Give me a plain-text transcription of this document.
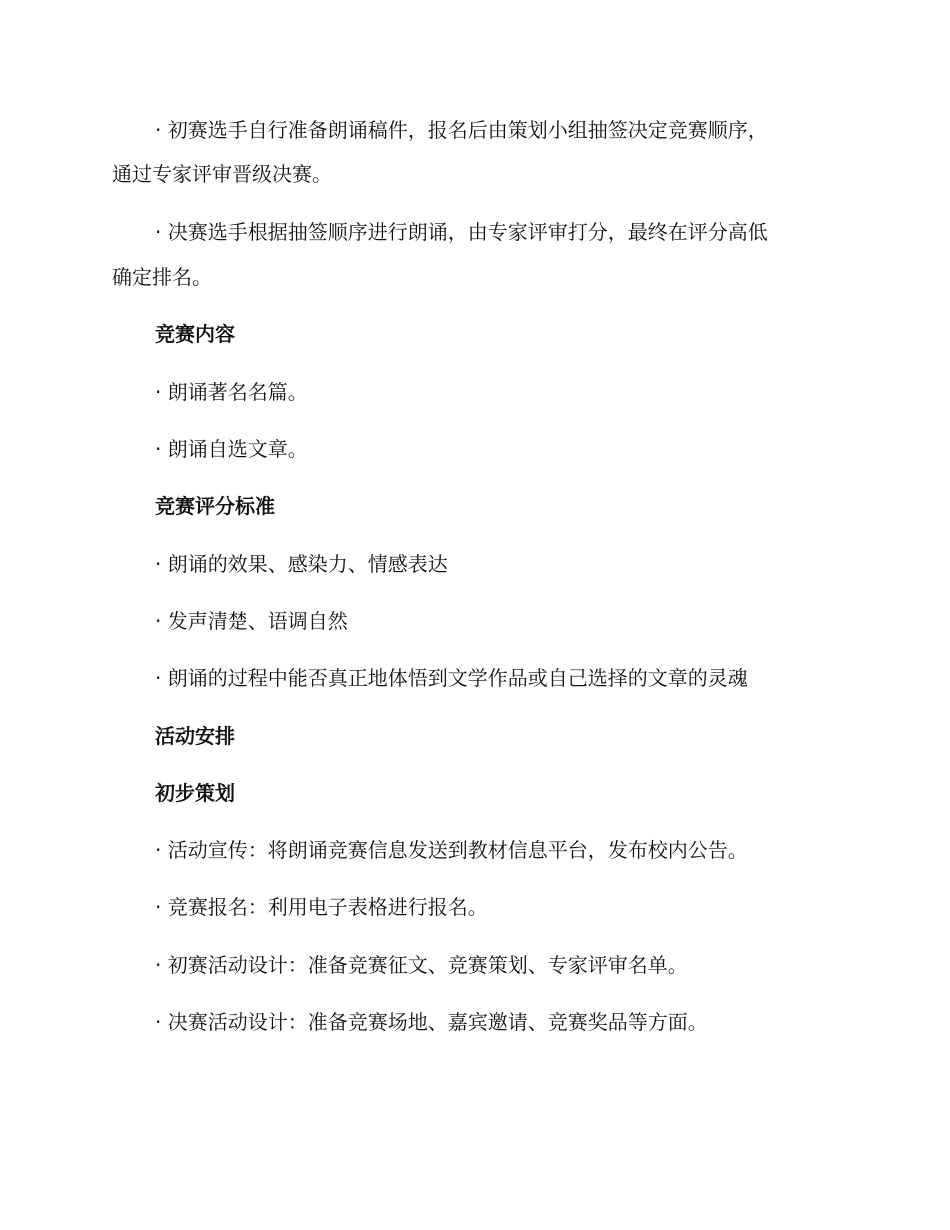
· 初赛选手自行准备朗诵稿件，报名后由策划小组抽签决定竞赛顺序，
通过专家评审晋级决赛。
· 决赛选手根据抽签顺序进行朗诵，由专家评审打分，最终在评分高低
确定排名。
竞赛内容
· 朗诵著名名篇。
· 朗诵自选文章。
竞赛评分标准
· 朗诵的效果、感染力、情感表达
· 发声清楚、语调自然
· 朗诵的过程中能否真正地体悟到文学作品或自己选择的文章的灵魂
活动安排
初步策划
· 活动宣传：将朗诵竞赛信息发送到教材信息平台，发布校内公告。
· 竞赛报名：利用电子表格进行报名。
· 初赛活动设计：准备竞赛征文、竞赛策划、专家评审名单。
· 决赛活动设计：准备竞赛场地、嘉宾邀请、竞赛奖品等方面。
